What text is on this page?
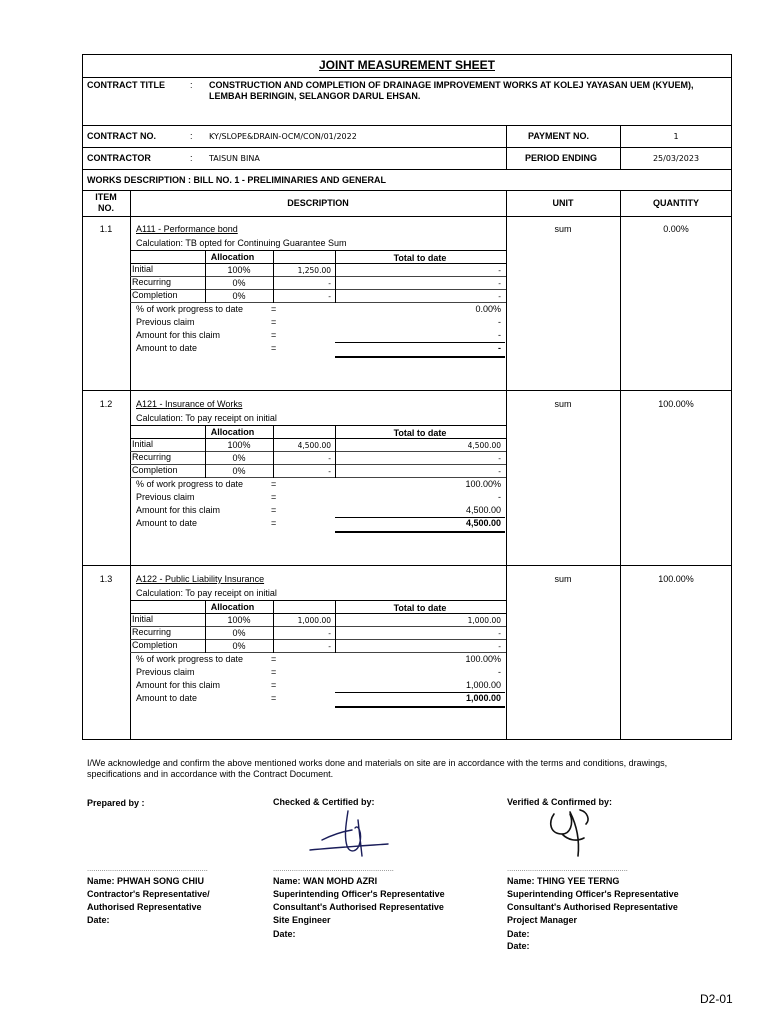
JOINT MEASUREMENT SHEET
CONTRACT TITLE	: CONSTRUCTION AND COMPLETION OF DRAINAGE IMPROVEMENT WORKS AT KOLEJ YAYASAN UEM (KYUEM),
LEMBAH BERINGIN, SELANGOR DARUL EHSAN.
CONTRACT NO.	: KY/SLOPE&DRAIN-OCM/CON/01/2022	PAYMENT NO.	1
CONTRACTOR	: TAISUN BINA	PERIOD ENDING	25/03/2023
WORKS DESCRIPTION : BILL NO. 1 - PRELIMINARIES AND GENERAL
ITEM
NO.	DESCRIPTION	UNIT	QUANTITY
1.1	A111 - Performance bond	sum	0.00%
Calculation: TB opted for Continuing Guarantee Sum
Allocation	Total to date
Initial	100%	1,250.00	-
Recurring	0%	-	-
Completion	0%	-	-
% of work progress to date	=	0.00%
Previous claim	=	-
Amount for this claim	=	-
Amount to date	=	-
1.2	A121 - Insurance of Works	sum	100.00%
Calculation: To pay receipt on initial
Allocation	Total to date
Initial	100%	4,500.00	4,500.00
Recurring	0%	-	-
Completion	0%	-	-
% of work progress to date	=	100.00%
Previous claim	=	-
Amount for this claim	=	4,500.00
Amount to date	=	4,500.00
1.3	A122 - Public Liability Insurance	sum	100.00%
Calculation: To pay receipt on initial
Allocation	Total to date
Initial	100%	1,000.00	1,000.00
Recurring	0%	-	-
Completion	0%	-	-
% of work progress to date	=	100.00%
Previous claim	=	-
Amount for this claim	=	1,000.00
Amount to date	=	1,000.00
I/We acknowledge and confirm the above mentioned works done and materials on site are in accordance with the terms and conditions, drawings,
specifications and in accordance with the Contract Document.
Prepared by :	Checked & Certified by:	Verified & Confirmed by:
..........................................................	..........................................................	..........................................................
Name: PHWAH SONG CHIU
Contractor's Representative/
Authorised Representative
Date:
Name: WAN MOHD AZRI
Superintending Officer's Representative
Consultant's Authorised Representative
Site Engineer
Date:
Name: THING YEE TERNG
Superintending Officer's Representative
Consultant's Authorised Representative
Project Manager
Date:
Date:
D2-01
